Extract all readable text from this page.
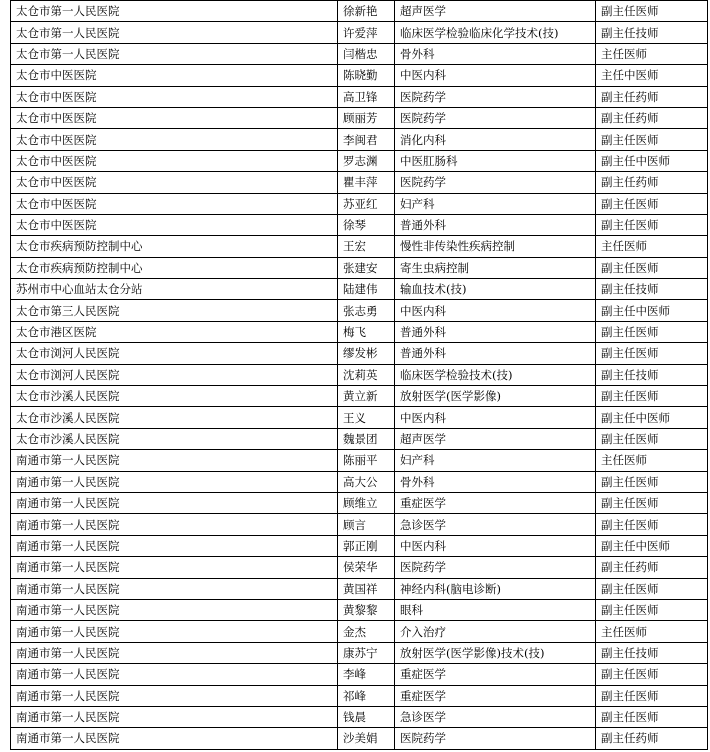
太仓市第一人民医院	徐新艳	超声医学	副主任医师
太仓市第一人民医院	许爱萍	临床医学检验临床化学技术(技)	副主任技师
太仓市第一人民医院	闫楷忠	骨外科	主任医师
太仓市中医医院	陈晓勤	中医内科	主任中医师
太仓市中医医院	高卫锋	医院药学	副主任药师
太仓市中医医院	顾丽芳	医院药学	副主任药师
太仓市中医医院	李闽君	消化内科	副主任医师
太仓市中医医院	罗志渊	中医肛肠科	副主任中医师
太仓市中医医院	瞿丰萍	医院药学	副主任药师
太仓市中医医院	苏亚红	妇产科	副主任医师
太仓市中医医院	徐琴	普通外科	副主任医师
太仓市疾病预防控制中心	王宏	慢性非传染性疾病控制	主任医师
太仓市疾病预防控制中心	张建安	寄生虫病控制	副主任医师
苏州市中心血站太仓分站	陆建伟	输血技术(技)	副主任技师
太仓市第三人民医院	张志勇	中医内科	副主任中医师
太仓市港区医院	梅飞	普通外科	副主任医师
太仓市浏河人民医院	缪发彬	普通外科	副主任医师
太仓市浏河人民医院	沈莉英	临床医学检验技术(技)	副主任技师
太仓市沙溪人民医院	黄立新	放射医学(医学影像)	副主任医师
太仓市沙溪人民医院	王义	中医内科	副主任中医师
太仓市沙溪人民医院	魏景团	超声医学	副主任医师
南通市第一人民医院	陈丽平	妇产科	主任医师
南通市第一人民医院	高大公	骨外科	副主任医师
南通市第一人民医院	顾维立	重症医学	副主任医师
南通市第一人民医院	顾言	急诊医学	副主任医师
南通市第一人民医院	郭正刚	中医内科	副主任中医师
南通市第一人民医院	侯荣华	医院药学	副主任药师
南通市第一人民医院	黄国祥	神经内科(脑电诊断)	副主任医师
南通市第一人民医院	黄黎黎	眼科	副主任医师
南通市第一人民医院	金杰	介入治疗	主任医师
南通市第一人民医院	康苏宁	放射医学(医学影像)技术(技)	副主任技师
南通市第一人民医院	李峰	重症医学	副主任医师
南通市第一人民医院	祁峰	重症医学	副主任医师
南通市第一人民医院	钱晨	急诊医学	副主任医师
南通市第一人民医院	沙美娟	医院药学	副主任药师
